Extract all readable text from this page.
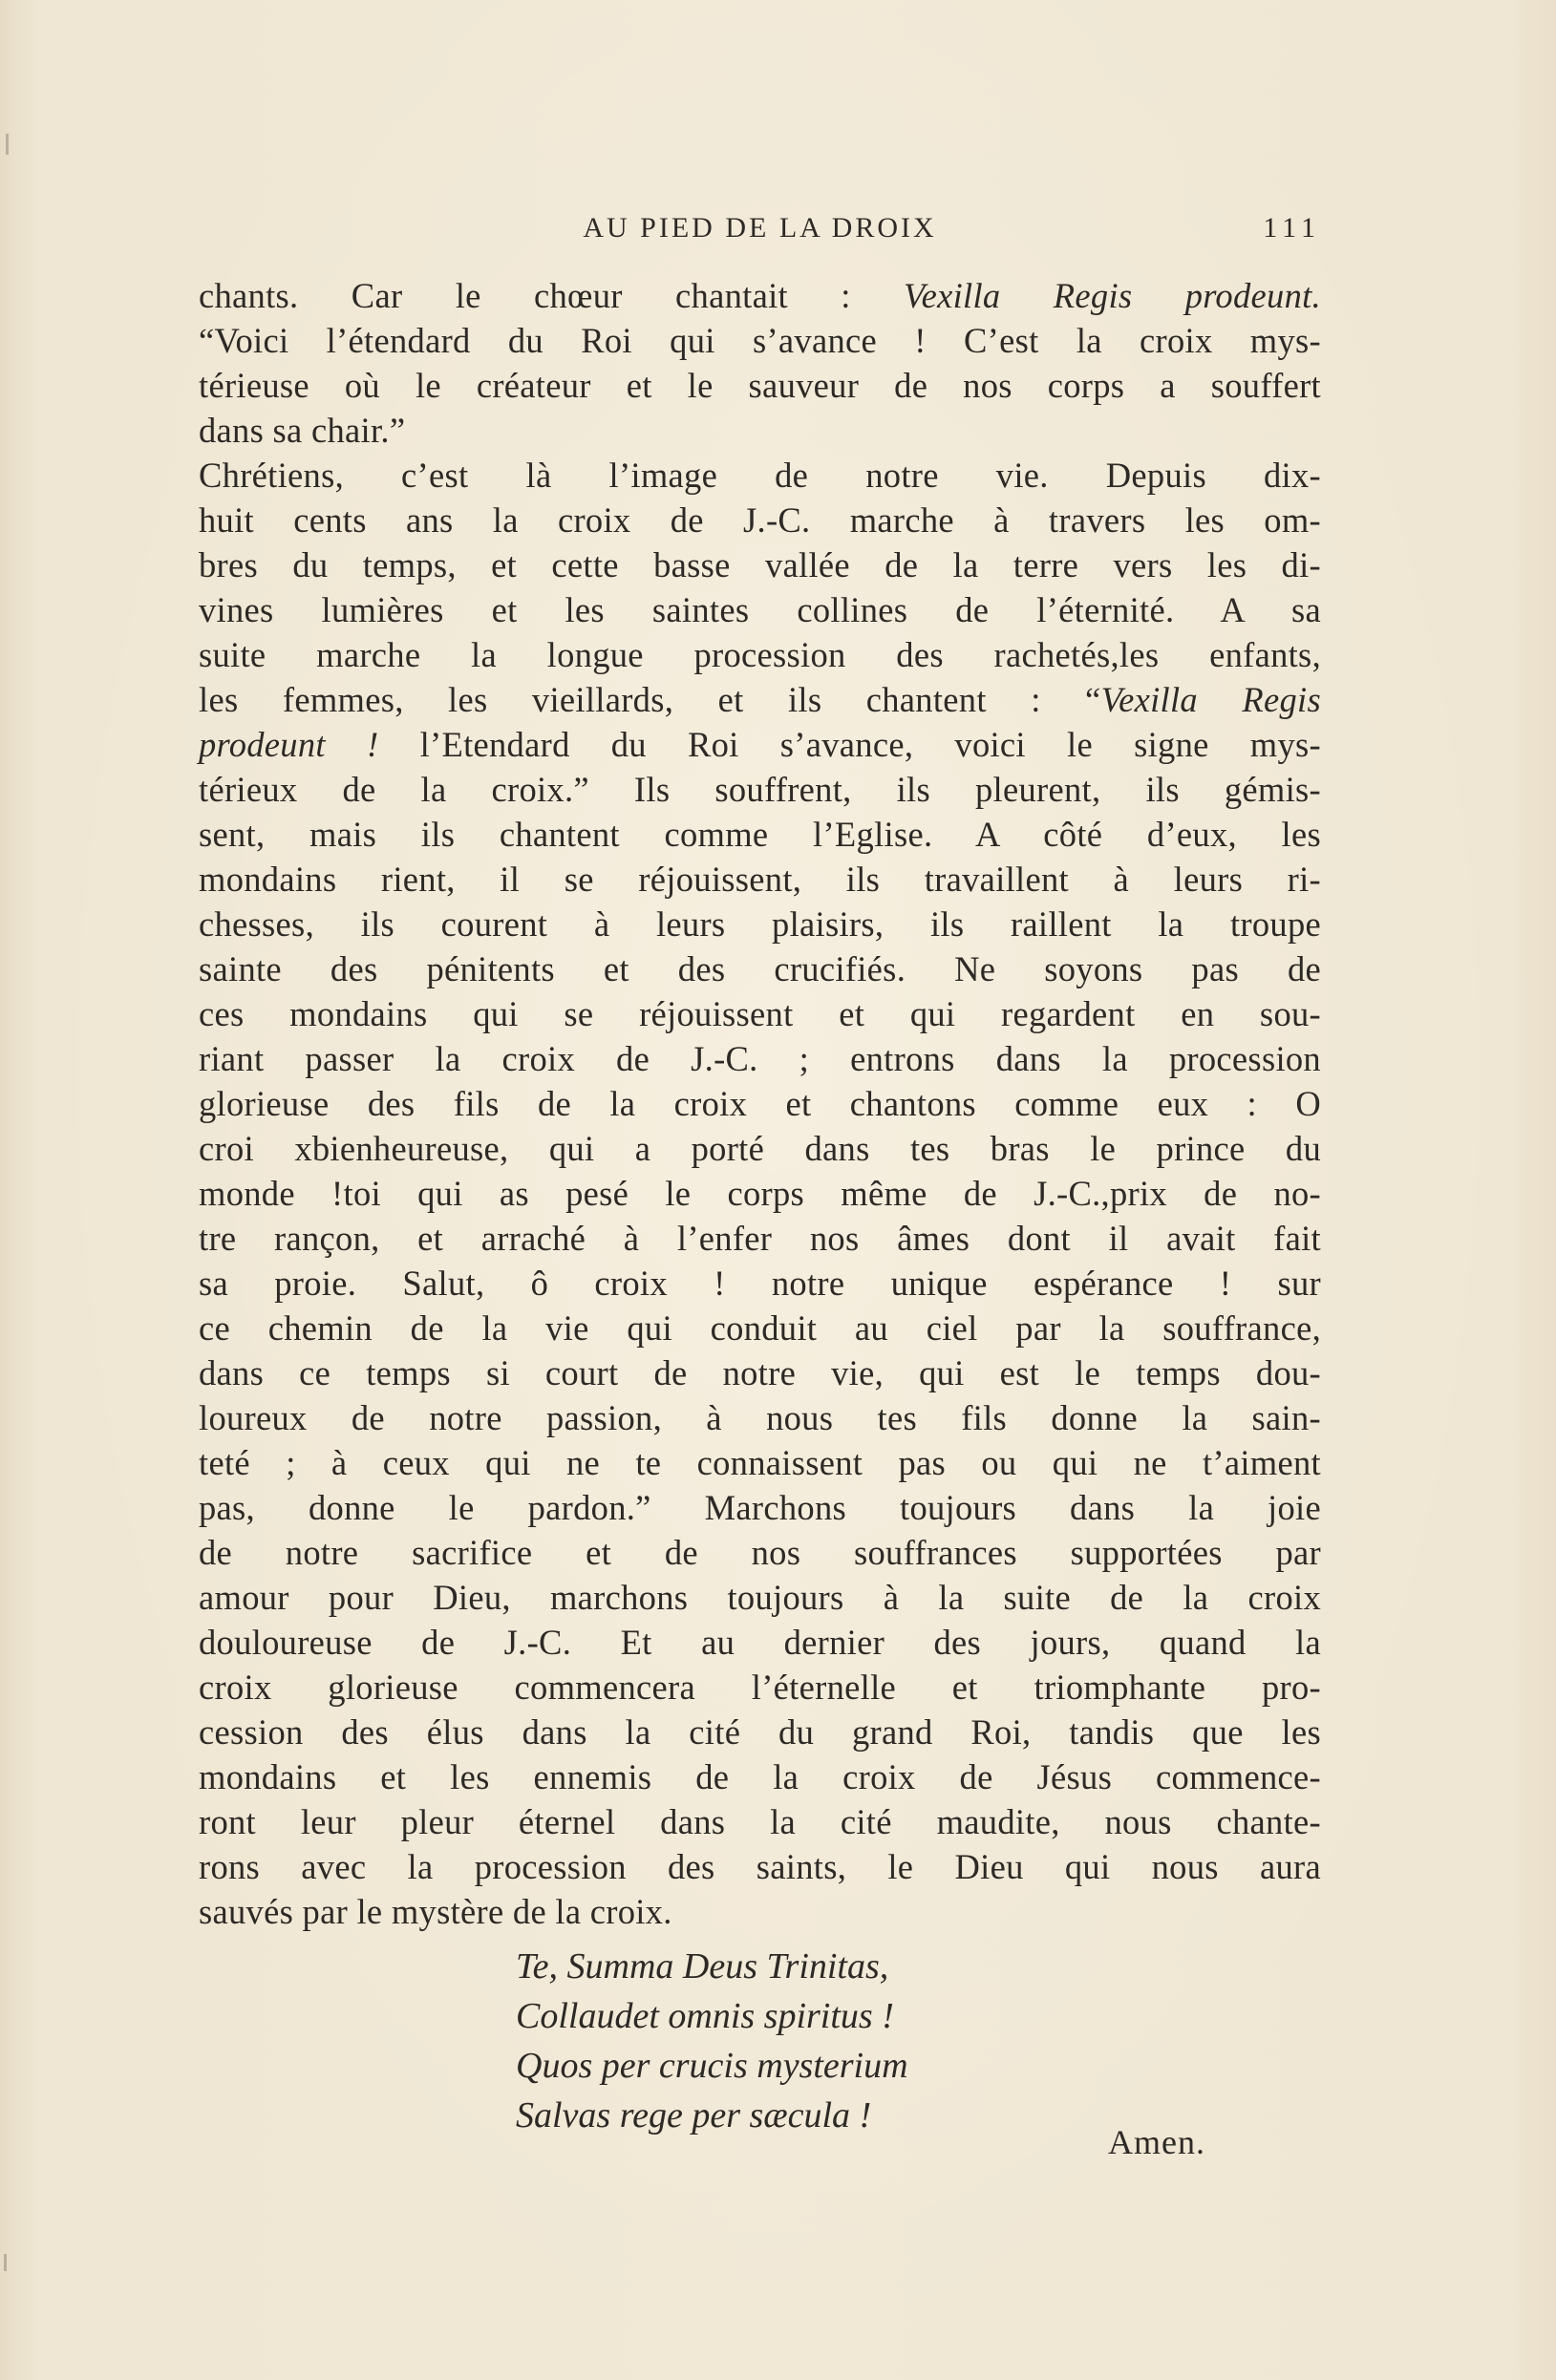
AU PIED DE LA DROIX	111
chants. Car le chœur chantait : Vexilla Regis prodeunt.
“Voici l’étendard du Roi qui s’avance ! C’est la croix mys-
térieuse où le créateur et le sauveur de nos corps a souffert
dans sa chair.”
Chrétiens, c’est là l’image de notre vie. Depuis dix-
huit cents ans la croix de J.-C. marche à travers les om-
bres du temps, et cette basse vallée de la terre vers les di-
vines lumières et les saintes collines de l’éternité. A sa
suite marche la longue procession des rachetés,les enfants,
les femmes, les vieillards, et ils chantent : “Vexilla Regis
prodeunt ! l’Etendard du Roi s’avance, voici le signe mys-
térieux de la croix.” Ils souffrent, ils pleurent, ils gémis-
sent, mais ils chantent comme l’Eglise. A côté d’eux, les
mondains rient, il se réjouissent, ils travaillent à leurs ri-
chesses, ils courent à leurs plaisirs, ils raillent la troupe
sainte des pénitents et des crucifiés. Ne soyons pas de
ces mondains qui se réjouissent et qui regardent en sou-
riant passer la croix de J.-C. ; entrons dans la procession
glorieuse des fils de la croix et chantons comme eux : O
croi xbienheureuse, qui a porté dans tes bras le prince du
monde !toi qui as pesé le corps même de J.-C.,prix de no-
tre rançon, et arraché à l’enfer nos âmes dont il avait fait
sa proie. Salut, ô croix ! notre unique espérance ! sur
ce chemin de la vie qui conduit au ciel par la souffrance,
dans ce temps si court de notre vie, qui est le temps dou-
loureux de notre passion, à nous tes fils donne la sain-
teté ; à ceux qui ne te connaissent pas ou qui ne t’aiment
pas, donne le pardon.” Marchons toujours dans la joie
de notre sacrifice et de nos souffrances supportées par
amour pour Dieu, marchons toujours à la suite de la croix
douloureuse de J.-C. Et au dernier des jours, quand la
croix glorieuse commencera l’éternelle et triomphante pro-
cession des élus dans la cité du grand Roi, tandis que les
mondains et les ennemis de la croix de Jésus commence-
ront leur pleur éternel dans la cité maudite, nous chante-
rons avec la procession des saints, le Dieu qui nous aura
sauvés par le mystère de la croix.
Te, Summa Deus Trinitas,
Collaudet omnis spiritus !
Quos per crucis mysterium
Salvas rege per sæcula !
Amen.
